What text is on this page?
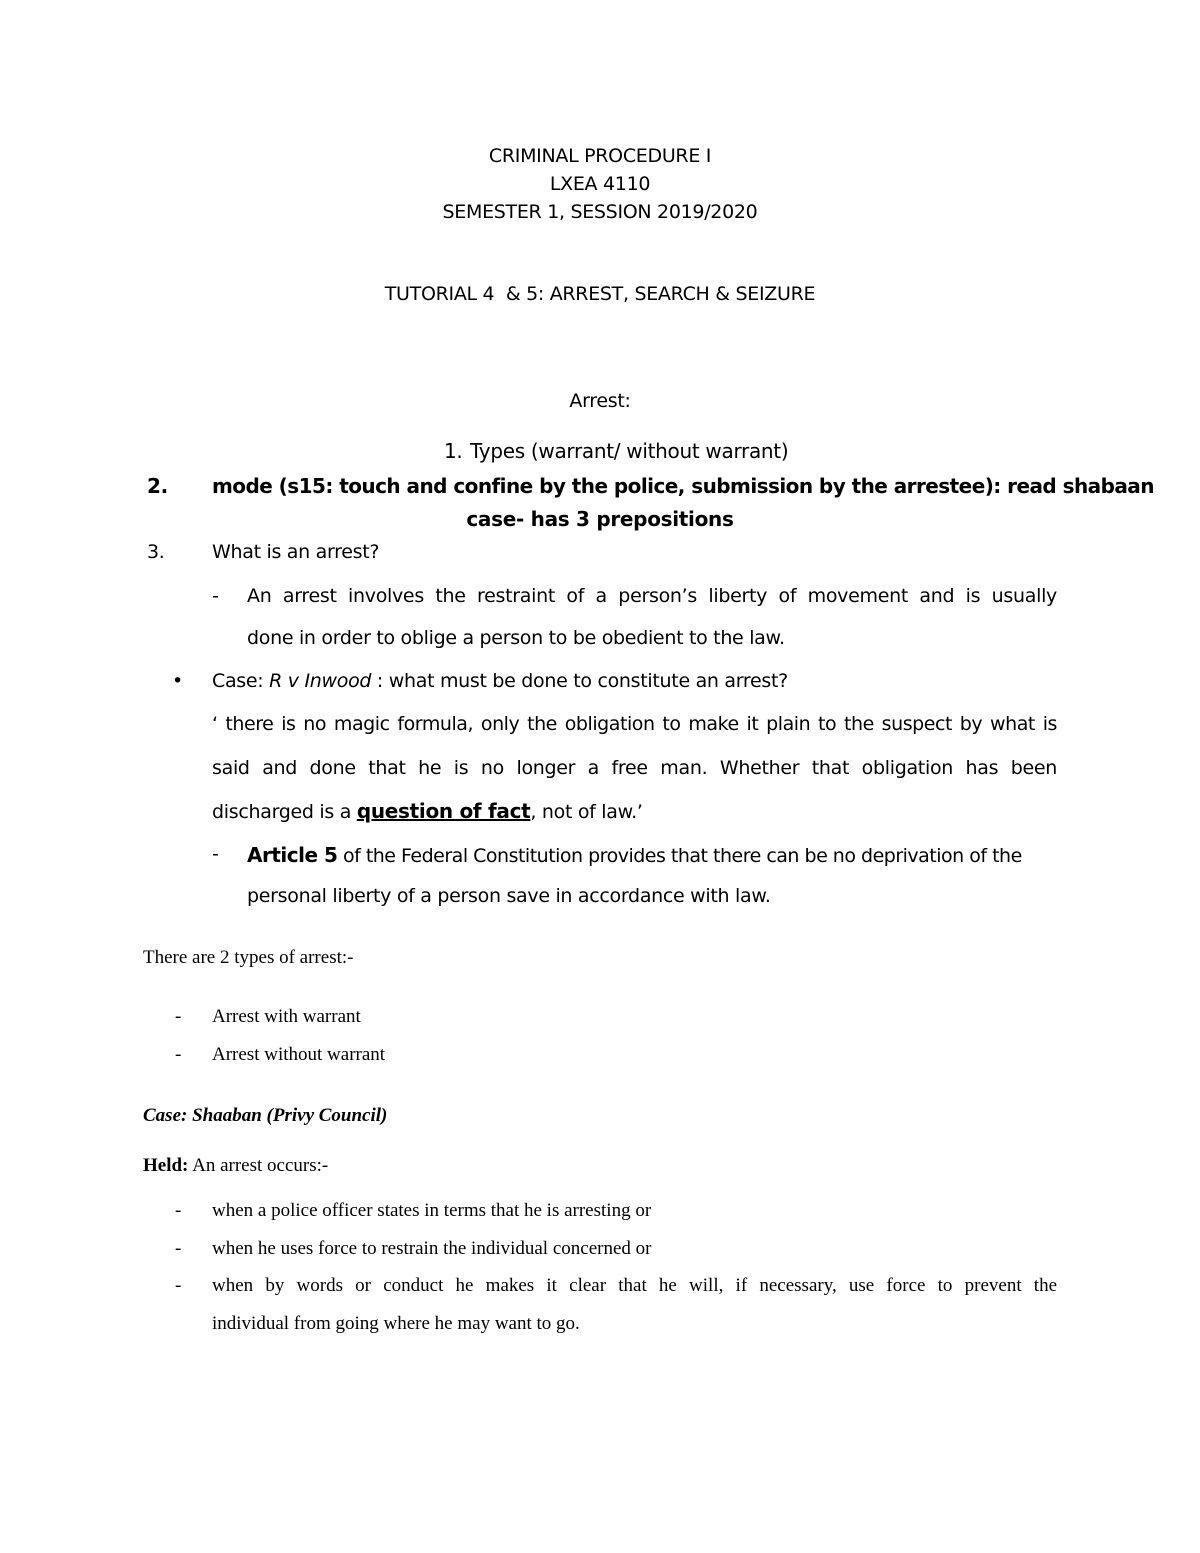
CRIMINAL PROCEDURE I
LXEA 4110
SEMESTER 1, SESSION 2019/2020
TUTORIAL 4  & 5: ARREST, SEARCH & SEIZURE
Arrest:
1. Types (warrant/ without warrant)
2. mode (s15: touch and confine by the police, submission by the arrestee): read shabaan
case- has 3 prepositions
3. What is an arrest?
- An arrest involves the restraint of a person’s liberty of movement and is usually
done in order to oblige a person to be obedient to the law.
• Case: R v Inwood : what must be done to constitute an arrest?
‘ there is no magic formula, only the obligation to make it plain to the suspect by what is
said and done that he is no longer a free man. Whether that obligation has been
discharged is a question of fact, not of law.’
- Article 5 of the Federal Constitution provides that there can be no deprivation of the
personal liberty of a person save in accordance with law.
There are 2 types of arrest:-
- Arrest with warrant
- Arrest without warrant
Case: Shaaban (Privy Council)
Held: An arrest occurs:-
- when a police officer states in terms that he is arresting or
- when he uses force to restrain the individual concerned or
- when by words or conduct he makes it clear that he will, if necessary, use force to prevent the
individual from going where he may want to go.
